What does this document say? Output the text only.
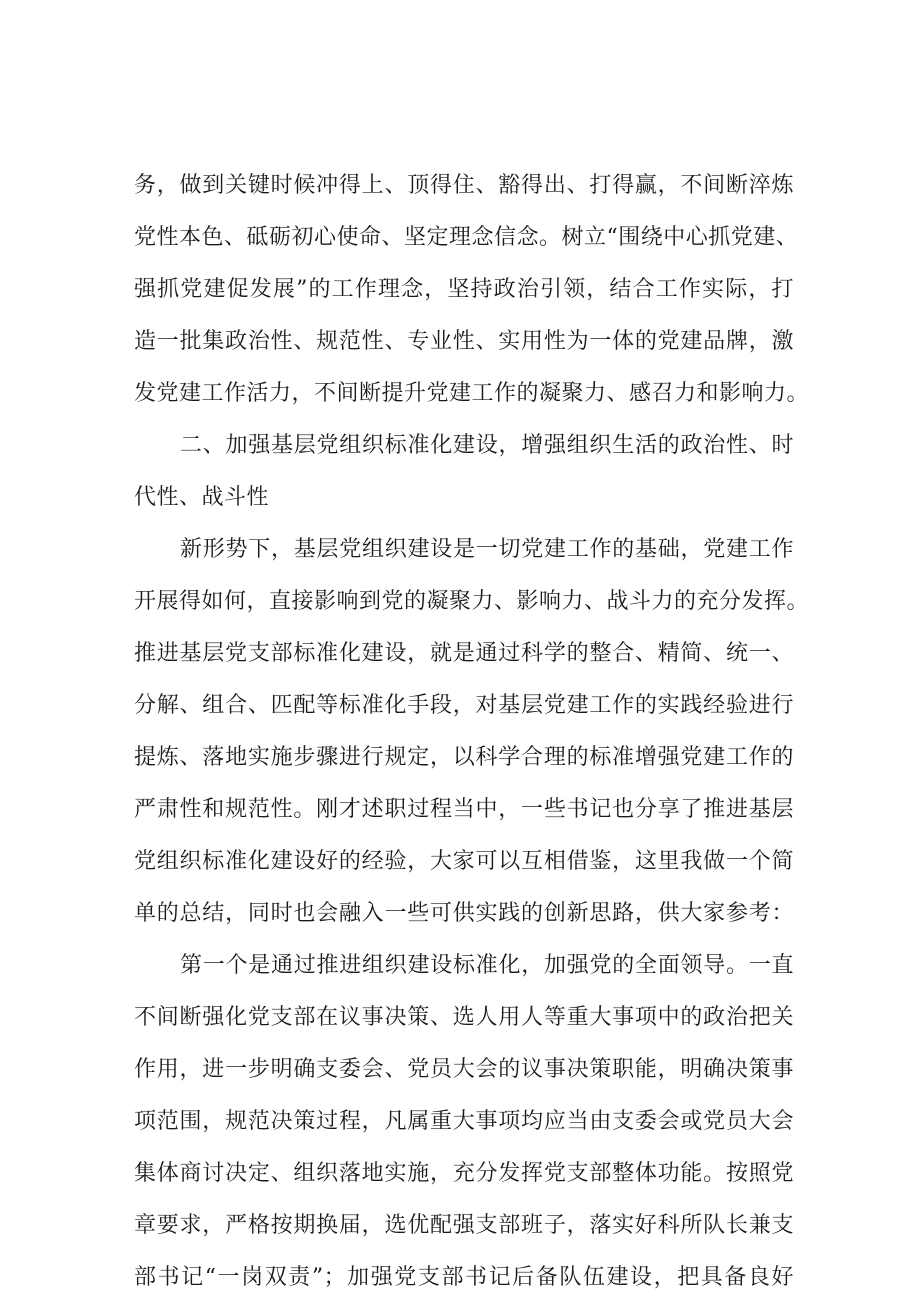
务，做到关键时候冲得上、顶得住、豁得出、打得赢，不间断淬炼
党性本色、砥砺初心使命、坚定理念信念。树立“围绕中心抓党建、
强抓党建促发展”的工作理念，坚持政治引领，结合工作实际，打
造一批集政治性、规范性、专业性、实用性为一体的党建品牌，激
发党建工作活力，不间断提升党建工作的凝聚力、感召力和影响力。
二、加强基层党组织标准化建设，增强组织生活的政治性、时
代性、战斗性
新形势下，基层党组织建设是一切党建工作的基础，党建工作
开展得如何，直接影响到党的凝聚力、影响力、战斗力的充分发挥。
推进基层党支部标准化建设，就是通过科学的整合、精简、统一、
分解、组合、匹配等标准化手段，对基层党建工作的实践经验进行
提炼、落地实施步骤进行规定，以科学合理的标准增强党建工作的
严肃性和规范性。刚才述职过程当中，一些书记也分享了推进基层
党组织标准化建设好的经验，大家可以互相借鉴，这里我做一个简
单的总结，同时也会融入一些可供实践的创新思路，供大家参考：
第一个是通过推进组织建设标准化，加强党的全面领导。一直
不间断强化党支部在议事决策、选人用人等重大事项中的政治把关
作用，进一步明确支委会、党员大会的议事决策职能，明确决策事
项范围，规范决策过程，凡属重大事项均应当由支委会或党员大会
集体商讨决定、组织落地实施，充分发挥党支部整体功能。按照党
章要求，严格按期换届，选优配强支部班子，落实好科所队长兼支
部书记“一岗双责”；加强党支部书记后备队伍建设，把具备良好
